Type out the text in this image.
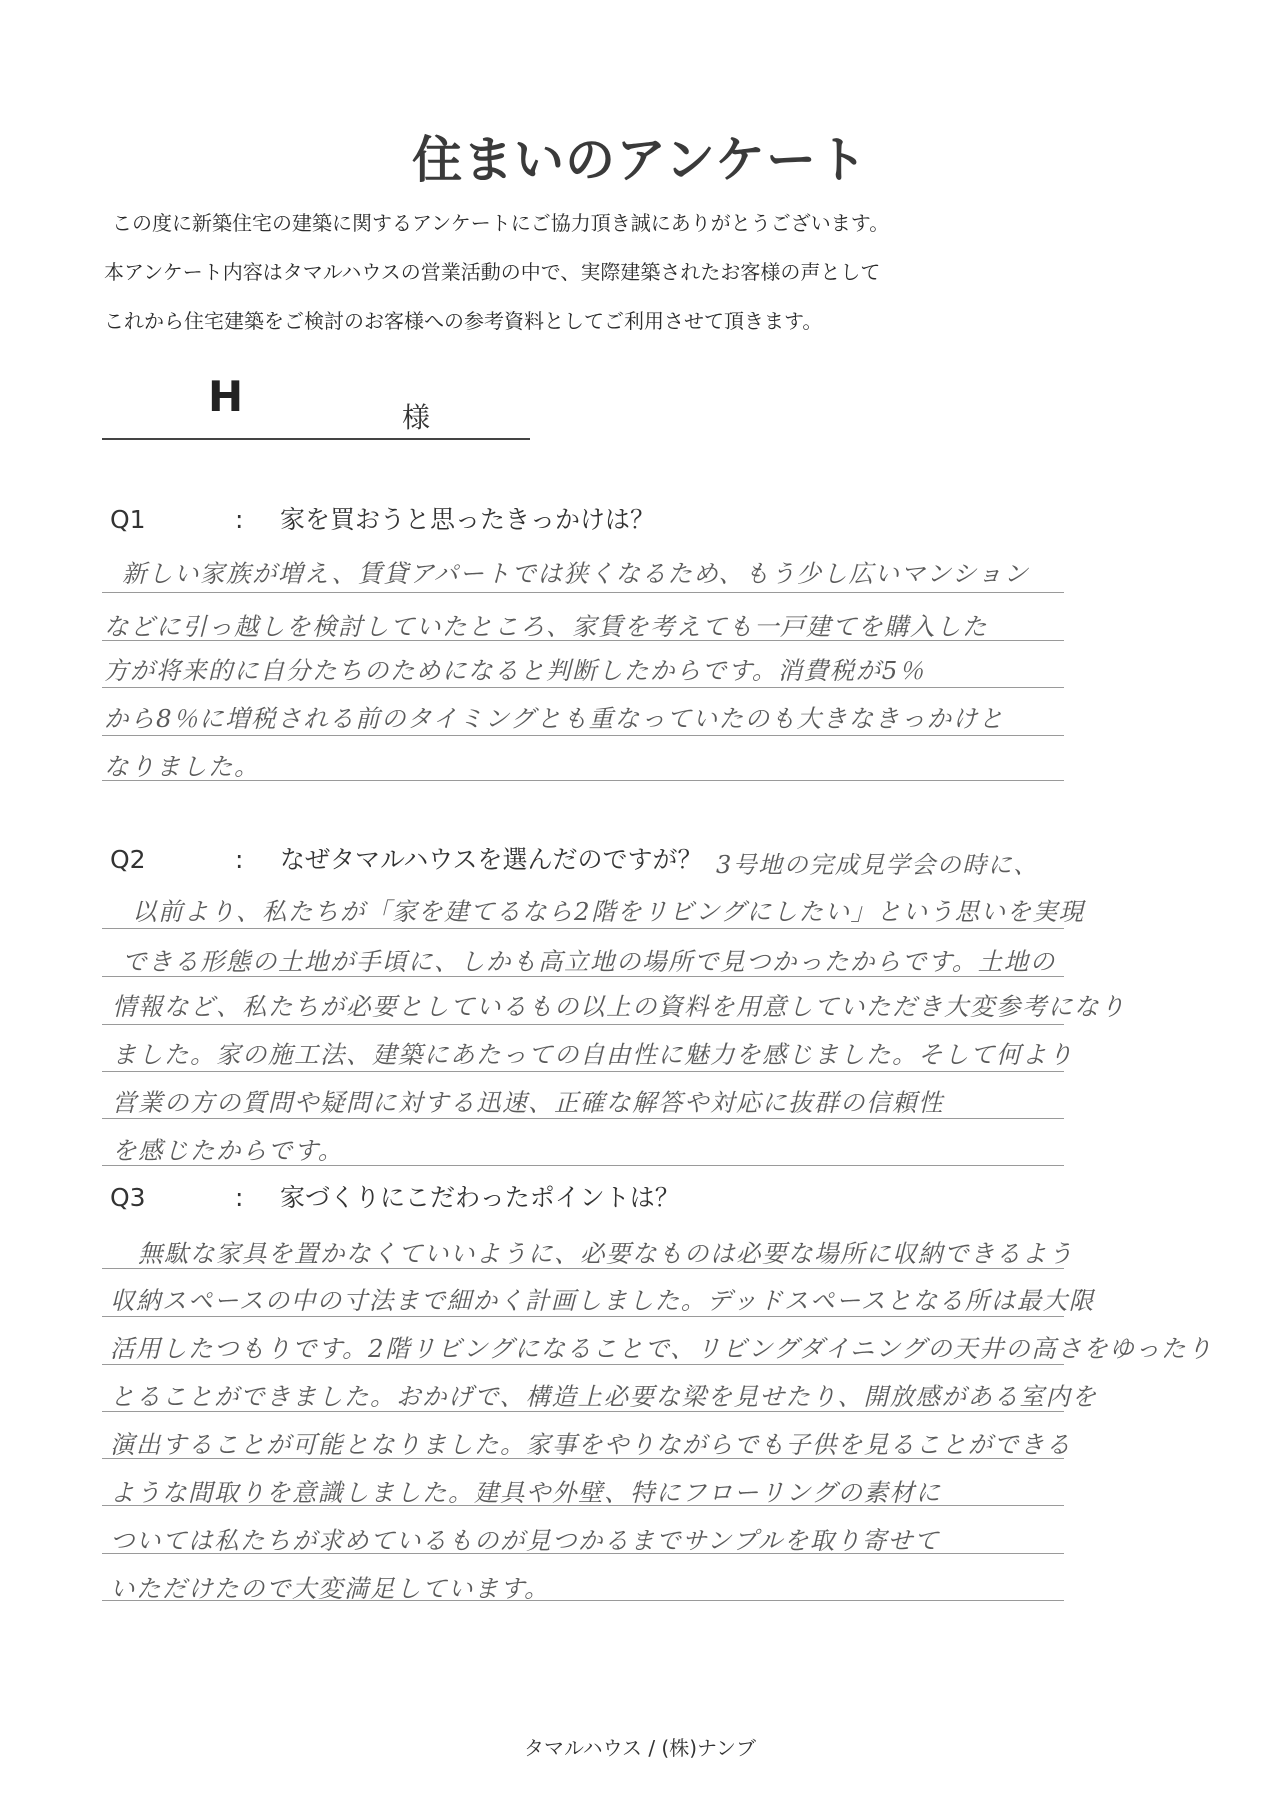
住まいのアンケート
この度に新築住宅の建築に関するアンケートにご協力頂き誠にありがとうございます。
本アンケート内容はタマルハウスの営業活動の中で、実際建築されたお客様の声として
これから住宅建築をご検討のお客様への参考資料としてご利用させて頂きます。
H	様
Q1	: 家を買おうと思ったきっかけは？
新しい家族が増え、賃貸アパートでは狭くなるため、もう少し広いマンション
などに引っ越しを検討していたところ、家賃を考えても一戸建てを購入した
方が将来的に自分たちのためになると判断したからです。消費税が5％
から8％に増税される前のタイミングとも重なっていたのも大きなきっかけと
なりました。
Q2	: なぜタマルハウスを選んだのですが？ 3号地の完成見学会の時に、
以前より、私たちが「家を建てるなら2階をリビングにしたい」という思いを実現
できる形態の土地が手頃に、しかも高立地の場所で見つかったからです。土地の
情報など、私たちが必要としているもの以上の資料を用意していただき大変参考になり
ました。家の施工法、建築にあたっての自由性に魅力を感じました。そして何より
営業の方の質問や疑問に対する迅速、正確な解答や対応に抜群の信頼性
を感じたからです。
Q3	: 家づくりにこだわったポイントは？
無駄な家具を置かなくていいように、必要なものは必要な場所に収納できるよう
収納スペースの中の寸法まで細かく計画しました。デッドスペースとなる所は最大限
活用したつもりです。2階リビングになることで、リビングダイニングの天井の高さをゆったり
とることができました。おかげで、構造上必要な梁を見せたり、開放感がある室内を
演出することが可能となりました。家事をやりながらでも子供を見ることができる
ような間取りを意識しました。建具や外壁、特にフローリングの素材に
ついては私たちが求めているものが見つかるまでサンプルを取り寄せて
いただけたので大変満足しています。
タマルハウス / (株)ナンブ
